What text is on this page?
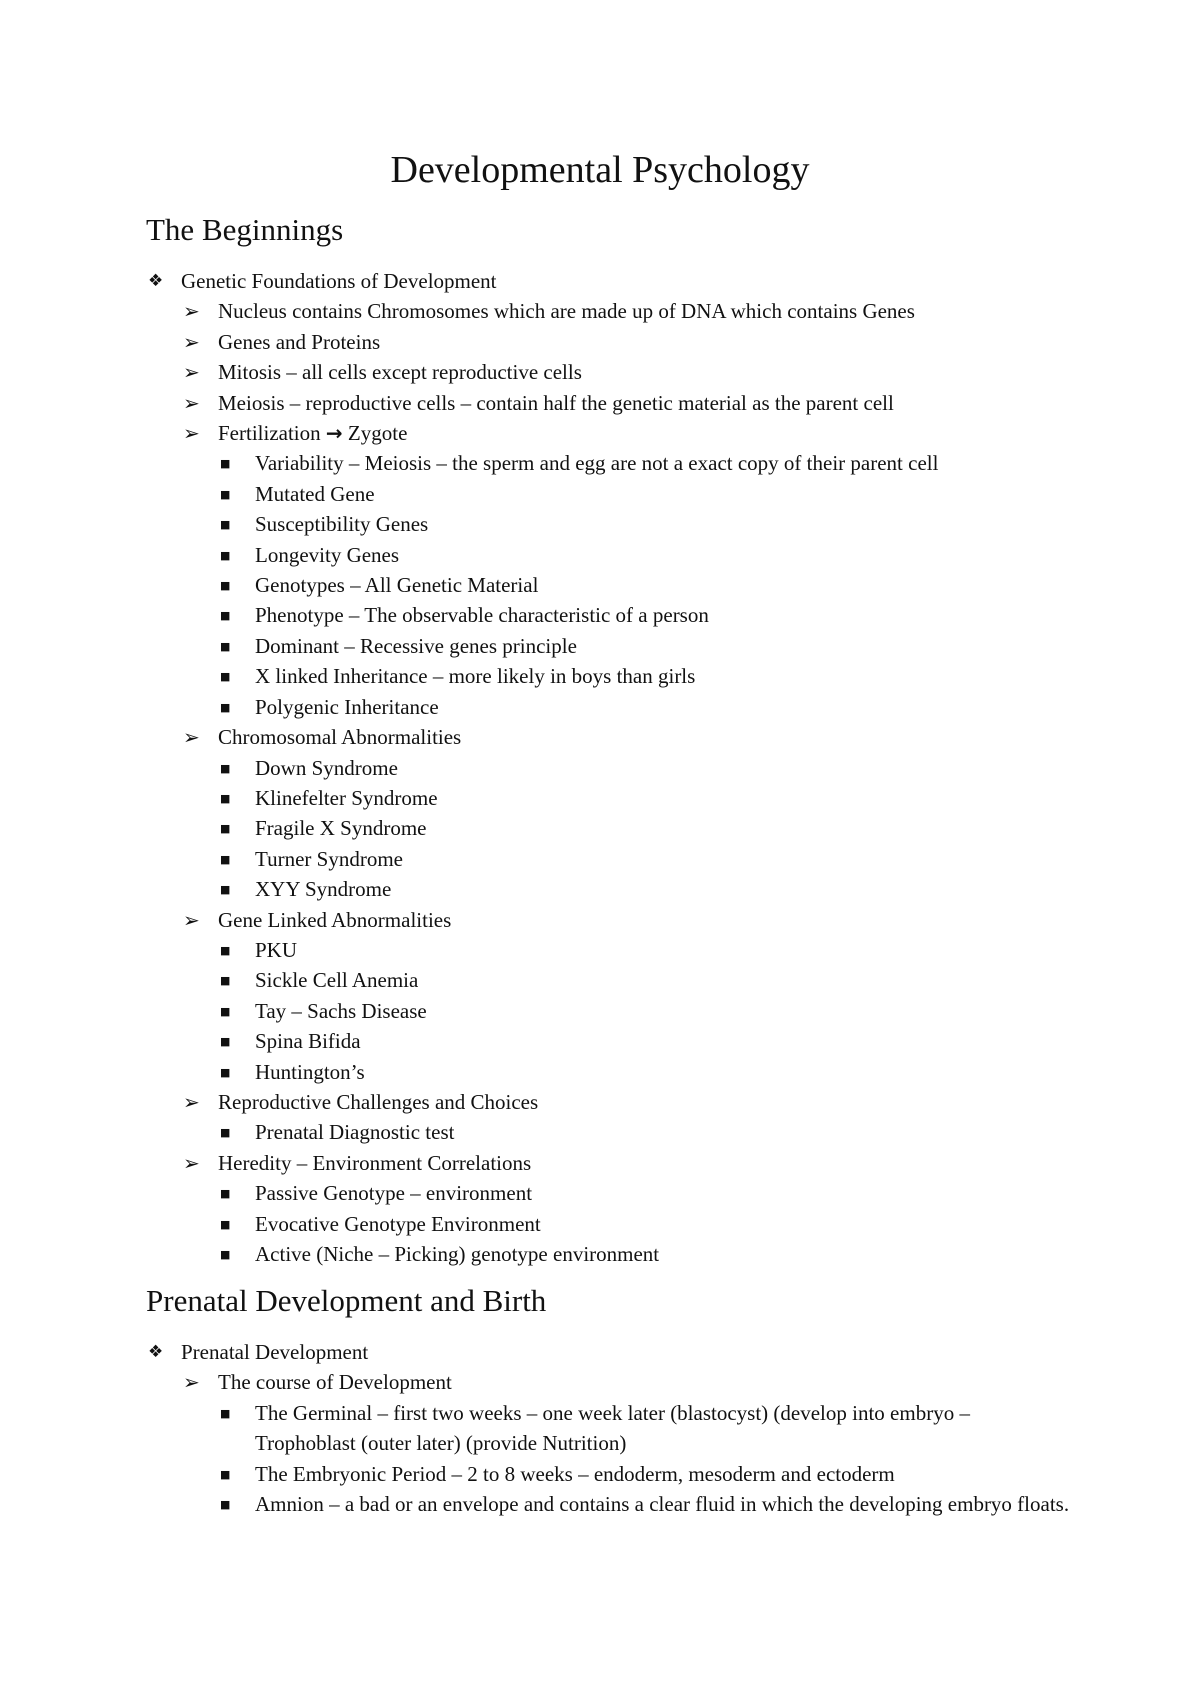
Developmental Psychology
The Beginnings
❖ Genetic Foundations of Development
➢ Nucleus contains Chromosomes which are made up of DNA which contains Genes
➢ Genes and Proteins
➢ Mitosis – all cells except reproductive cells
➢ Meiosis – reproductive cells – contain half the genetic material as the parent cell
➢ Fertilization → Zygote
■ Variability – Meiosis – the sperm and egg are not a exact copy of their parent cell
■ Mutated Gene
■ Susceptibility Genes
■ Longevity Genes
■ Genotypes – All Genetic Material
■ Phenotype – The observable characteristic of a person
■ Dominant – Recessive genes principle
■ X linked Inheritance – more likely in boys than girls
■ Polygenic Inheritance
➢ Chromosomal Abnormalities
■ Down Syndrome
■ Klinefelter Syndrome
■ Fragile X Syndrome
■ Turner Syndrome
■ XYY Syndrome
➢ Gene Linked Abnormalities
■ PKU
■ Sickle Cell Anemia
■ Tay – Sachs Disease
■ Spina Bifida
■ Huntington’s
➢ Reproductive Challenges and Choices
■ Prenatal Diagnostic test
➢ Heredity – Environment Correlations
■ Passive Genotype – environment
■ Evocative Genotype Environment
■ Active (Niche – Picking) genotype environment
Prenatal Development and Birth
❖ Prenatal Development
➢ The course of Development
■ The Germinal – first two weeks – one week later (blastocyst) (develop into embryo – Trophoblast (outer later) (provide Nutrition)
■ The Embryonic Period – 2 to 8 weeks – endoderm, mesoderm and ectoderm
■ Amnion – a bad or an envelope and contains a clear fluid in which the developing embryo floats.
